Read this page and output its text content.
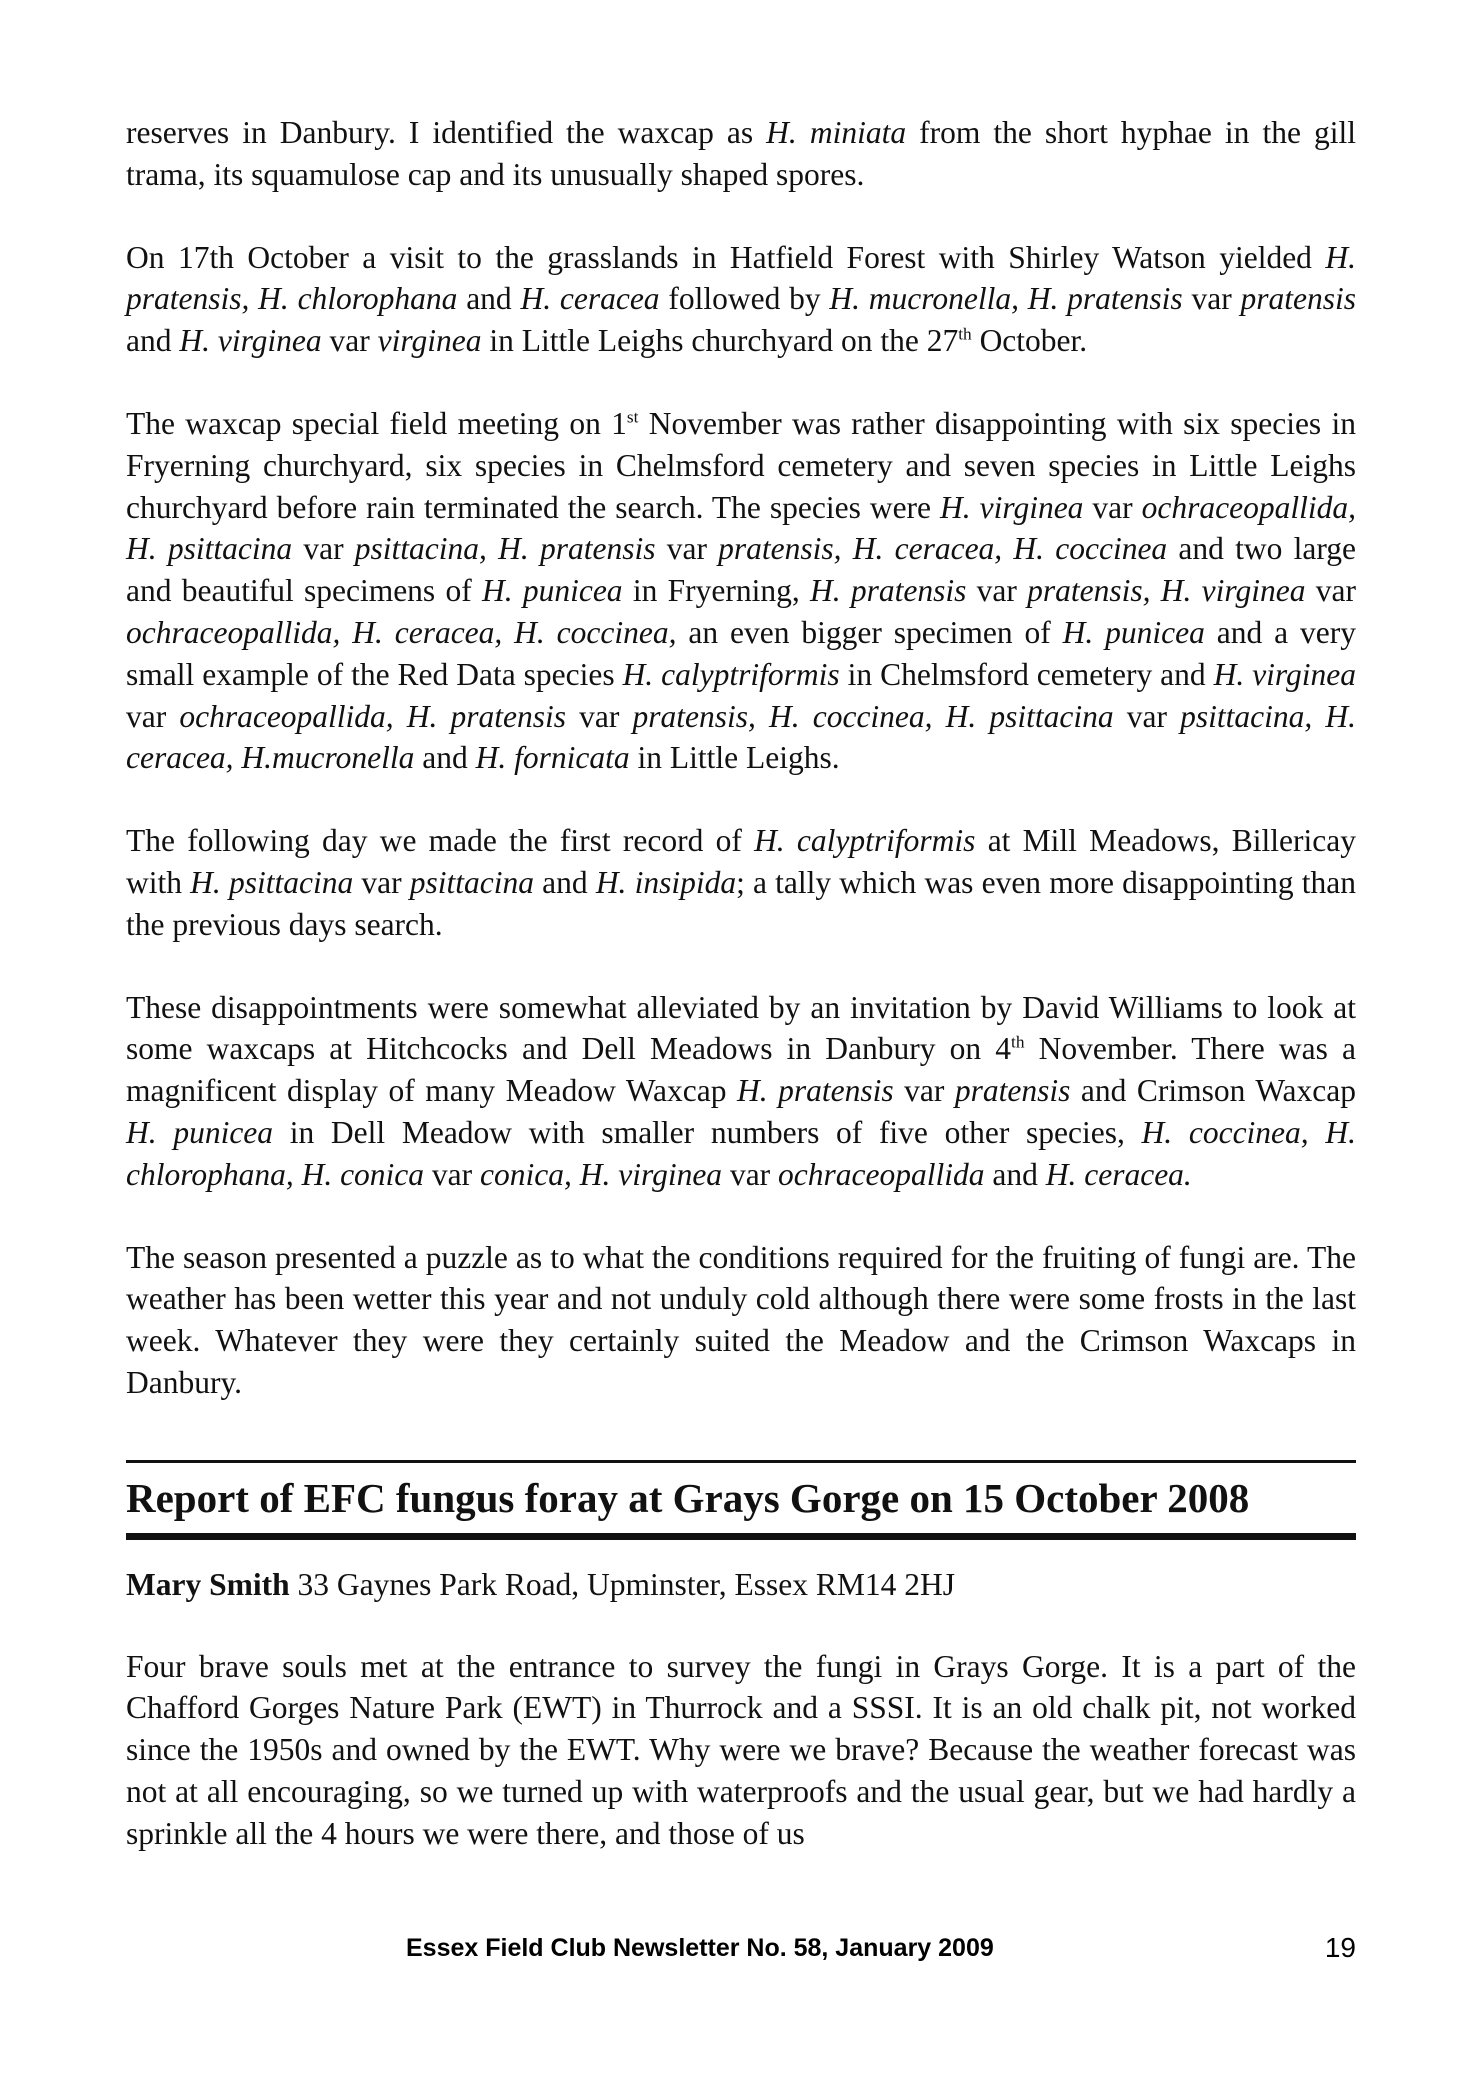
reserves in Danbury. I identified the waxcap as H. miniata from the short hyphae in the gill trama, its squamulose cap and its unusually shaped spores.

On 17th October a visit to the grasslands in Hatfield Forest with Shirley Watson yielded H. pratensis, H. chlorophana and H. ceracea followed by H. mucronella, H. pratensis var pratensis and H. virginea var virginea in Little Leighs churchyard on the 27th October.

The waxcap special field meeting on 1st November was rather disappointing with six species in Fryerning churchyard, six species in Chelmsford cemetery and seven species in Little Leighs churchyard before rain terminated the search. The species were H. virginea var ochraceopallida, H. psittacina var psittacina, H. pratensis var pratensis, H. ceracea, H. coccinea and two large and beautiful specimens of H. punicea in Fryerning, H. pratensis var pratensis, H. virginea var ochraceopallida, H. ceracea, H. coccinea, an even bigger specimen of H. punicea and a very small example of the Red Data species H. calyptriformis in Chelmsford cemetery and H. virginea var ochraceopallida, H. pratensis var pratensis, H. coccinea, H. psittacina var psittacina, H. ceracea, H.mucronella and H. fornicata in Little Leighs.

The following day we made the first record of H. calyptriformis at Mill Meadows, Billericay with H. psittacina var psittacina and H. insipida; a tally which was even more disappointing than the previous days search.

These disappointments were somewhat alleviated by an invitation by David Williams to look at some waxcaps at Hitchcocks and Dell Meadows in Danbury on 4th November. There was a magnificent display of many Meadow Waxcap H. pratensis var pratensis and Crimson Waxcap H. punicea in Dell Meadow with smaller numbers of five other species, H. coccinea, H. chlorophana, H. conica var conica, H. virginea var ochraceopallida and H. ceracea.

The season presented a puzzle as to what the conditions required for the fruiting of fungi are. The weather has been wetter this year and not unduly cold although there were some frosts in the last week. Whatever they were they certainly suited the Meadow and the Crimson Waxcaps in Danbury.

Report of EFC fungus foray at Grays Gorge on 15 October 2008
Mary Smith 33 Gaynes Park Road, Upminster, Essex RM14 2HJ

Four brave souls met at the entrance to survey the fungi in Grays Gorge. It is a part of the Chafford Gorges Nature Park (EWT) in Thurrock and a SSSI. It is an old chalk pit, not worked since the 1950s and owned by the EWT. Why were we brave? Because the weather forecast was not at all encouraging, so we turned up with waterproofs and the usual gear, but we had hardly a sprinkle all the 4 hours we were there, and those of us

Essex Field Club Newsletter No. 58, January 2009	19
